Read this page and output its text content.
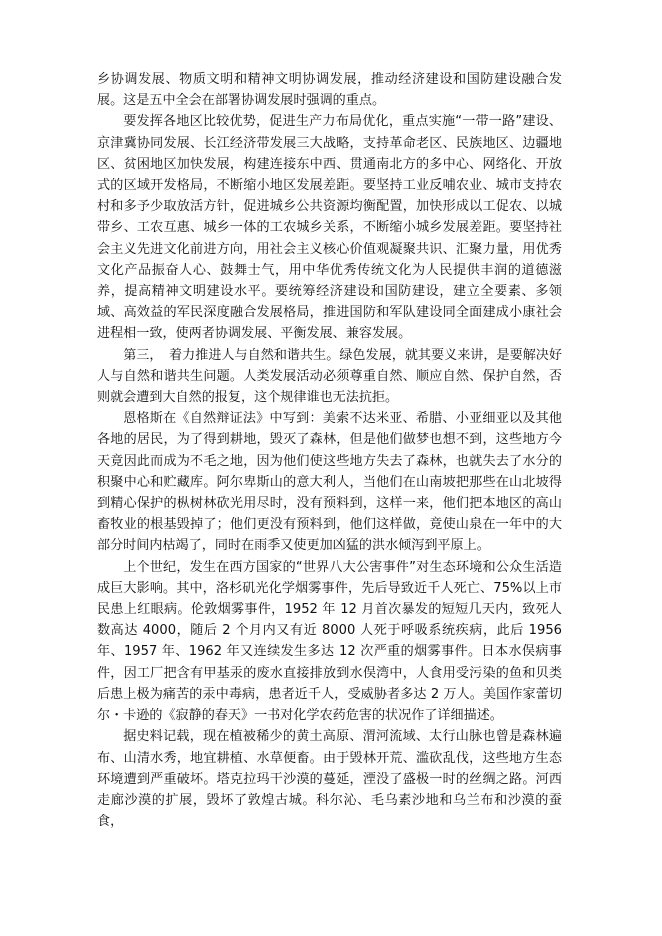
乡协调发展、物质文明和精神文明协调发展，推动经济建设和国防建设融合发展。这是五中全会在部署协调发展时强调的重点。

要发挥各地区比较优势，促进生产力布局优化，重点实施“一带一路”建设、京津冀协同发展、长江经济带发展三大战略，支持革命老区、民族地区、边疆地区、贫困地区加快发展，构建连接东中西、贯通南北方的多中心、网络化、开放式的区域开发格局，不断缩小地区发展差距。要坚持工业反哺农业、城市支持农村和多予少取放活方针，促进城乡公共资源均衡配置，加快形成以工促农、以城带乡、工农互惠、城乡一体的工农城乡关系，不断缩小城乡发展差距。要坚持社会主义先进文化前进方向，用社会主义核心价值观凝聚共识、汇聚力量，用优秀文化产品振奋人心、鼓舞士气，用中华优秀传统文化为人民提供丰润的道德滋养，提高精神文明建设水平。要统筹经济建设和国防建设，建立全要素、多领域、高效益的军民深度融合发展格局，推进国防和军队建设同全面建成小康社会进程相一致，使两者协调发展、平衡发展、兼容发展。

第三，　着力推进人与自然和谐共生。绿色发展，就其要义来讲，是要解决好人与自然和谐共生问题。人类发展活动必须尊重自然、顺应自然、保护自然，否则就会遭到大自然的报复，这个规律谁也无法抗拒。

恩格斯在《自然辩证法》中写到：美索不达米亚、希腊、小亚细亚以及其他各地的居民，为了得到耕地，毁灭了森林，但是他们做梦也想不到，这些地方今天竟因此而成为不毛之地，因为他们使这些地方失去了森林，也就失去了水分的积聚中心和贮藏库。阿尔卑斯山的意大利人，当他们在山南坡把那些在山北坡得到精心保护的枞树林砍光用尽时，没有预料到，这样一来，他们把本地区的高山畜牧业的根基毁掉了；他们更没有预料到，他们这样做，竟使山泉在一年中的大部分时间内枯竭了，同时在雨季又使更加凶猛的洪水倾泻到平原上。

上个世纪，发生在西方国家的“世界八大公害事件”对生态环境和公众生活造成巨大影响。其中，洛杉矶光化学烟雾事件，先后导致近千人死亡、75%以上市民患上红眼病。伦敦烟雾事件，1952 年 12 月首次暴发的短短几天内，致死人数高达 4000，随后 2 个月内又有近 8000 人死于呼吸系统疾病，此后 1956 年、1957 年、1962 年又连续发生多达 12 次严重的烟雾事件。日本水俣病事件，因工厂把含有甲基汞的废水直接排放到水俣湾中，人食用受污染的鱼和贝类后患上极为痛苦的汞中毒病，患者近千人，受威胁者多达 2 万人。美国作家蕾切尔・卡逊的《寂静的春天》一书对化学农药危害的状况作了详细描述。

据史料记载，现在植被稀少的黄土高原、渭河流域、太行山脉也曾是森林遍布、山清水秀，地宜耕植、水草便畜。由于毁林开荒、滥砍乱伐，这些地方生态环境遭到严重破坏。塔克拉玛干沙漠的蔓延，湮没了盛极一时的丝绸之路。河西走廊沙漠的扩展，毁坏了敦煌古城。科尔沁、毛乌素沙地和乌兰布和沙漠的蚕食，
